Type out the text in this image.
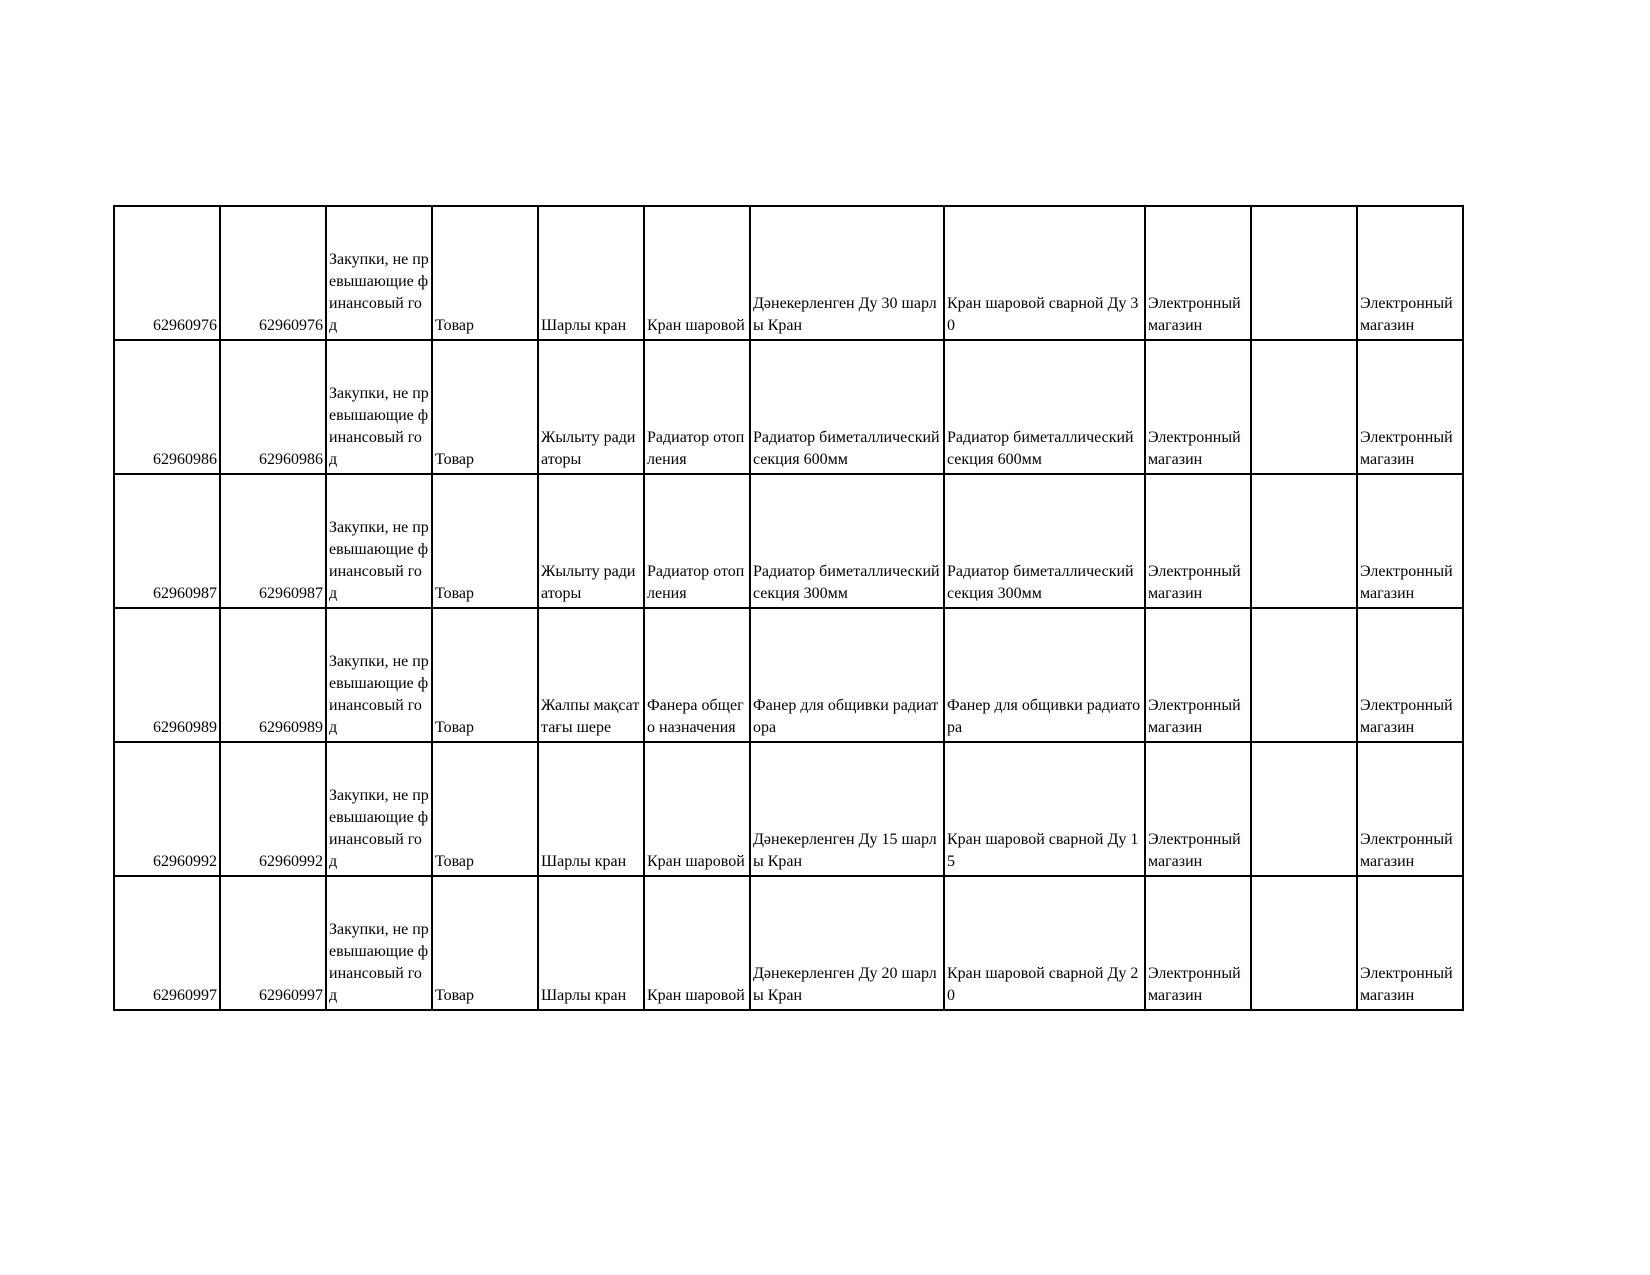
62960976	62960976	Закупки, не превышающие финансовый год	Товар	Шарлы кран	Кран шаровой	Дәнекерленген Ду 30 шарлы Кран	Кран шаровой сварной Ду 30	Электронный магазин		Электронный магазин
62960986	62960986	Закупки, не превышающие финансовый год	Товар	Жылыту радиаторы	Радиатор отопления	Радиатор биметаллический секция 600мм	Радиатор биметаллический секция 600мм	Электронный магазин		Электронный магазин
62960987	62960987	Закупки, не превышающие финансовый год	Товар	Жылыту радиаторы	Радиатор отопления	Радиатор биметаллический секция 300мм	Радиатор биметаллический секция 300мм	Электронный магазин		Электронный магазин
62960989	62960989	Закупки, не превышающие финансовый год	Товар	Жалпы мақсаттағы шере	Фанера общего назначения	Фанер для общивки радиатора	Фанер для общивки радиатора	Электронный магазин		Электронный магазин
62960992	62960992	Закупки, не превышающие финансовый год	Товар	Шарлы кран	Кран шаровой	Дәнекерленген Ду 15 шарлы Кран	Кран шаровой сварной Ду 15	Электронный магазин		Электронный магазин
62960997	62960997	Закупки, не превышающие финансовый год	Товар	Шарлы кран	Кран шаровой	Дәнекерленген Ду 20 шарлы Кран	Кран шаровой сварной Ду 20	Электронный магазин		Электронный магазин
